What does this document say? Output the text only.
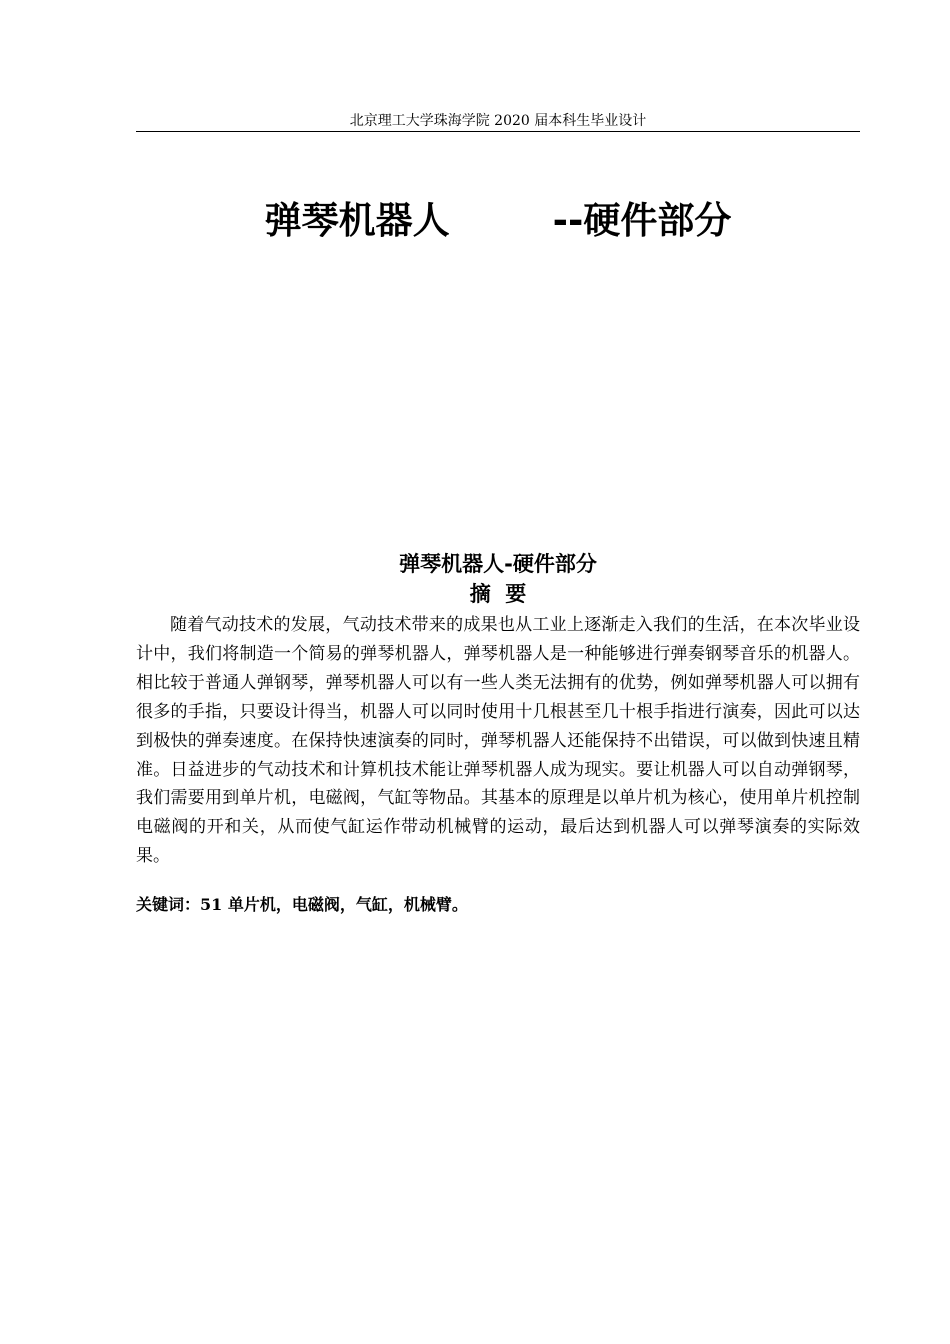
北京理工大学珠海学院 2020 届本科生毕业设计
弹琴机器人        --硬件部分
弹琴机器人-硬件部分
摘  要

随着气动技术的发展，气动技术带来的成果也从工业上逐渐走入我们的生活，在本次毕业设计中，我们将制造一个简易的弹琴机器人，弹琴机器人是一种能够进行弹奏钢琴音乐的机器人。相比较于普通人弹钢琴，弹琴机器人可以有一些人类无法拥有的优势，例如弹琴机器人可以拥有很多的手指，只要设计得当，机器人可以同时使用十几根甚至几十根手指进行演奏，因此可以达到极快的弹奏速度。在保持快速演奏的同时，弹琴机器人还能保持不出错误，可以做到快速且精准。日益进步的气动技术和计算机技术能让弹琴机器人成为现实。要让机器人可以自动弹钢琴，我们需要用到单片机，电磁阀，气缸等物品。其基本的原理是以单片机为核心，使用单片机控制电磁阀的开和关，从而使气缸运作带动机械臂的运动，最后达到机器人可以弹琴演奏的实际效果。

关键词：51 单片机，电磁阀，气缸，机械臂。
